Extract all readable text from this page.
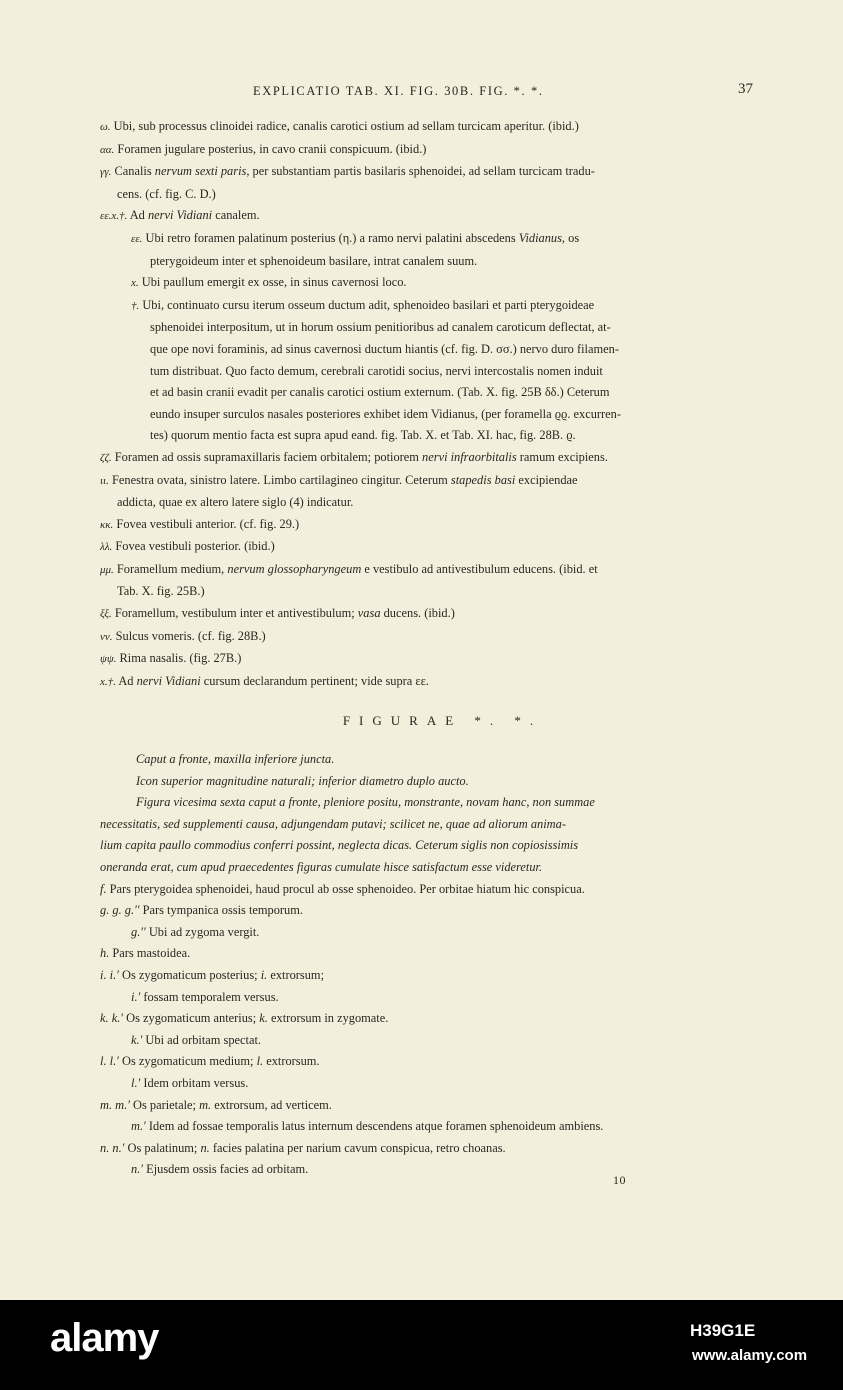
EXPLICATIO TAB. XI. FIG. 30B. FIG. *. *.	37
ω. Ubi, sub processus clinoidei radice, canalis carotici ostium ad sellam turcicam aperitur. (ibid.)
αα. Foramen jugulare posterius, in cavo cranii conspicuum. (ibid.)
γγ. Canalis nervum sexti paris, per substantiam partis basilaris sphenoidei, ad sellam turcicam tradu-
cens. (cf. fig. C. D.)
εε.x.†. Ad nervi Vidiani canalem.
εε. Ubi retro foramen palatinum posterius (η.) a ramo nervi palatini abscedens Vidianus, os
pterygoideum inter et sphenoideum basilare, intrat canalem suum.
x. Ubi paullum emergit ex osse, in sinus cavernosi loco.
†. Ubi, continuato cursu iterum osseum ductum adit, sphenoideo basilari et parti pterygoideae
sphenoidei interpositum, ut in horum ossium penitioribus ad canalem caroticum deflectat, at-
que ope novi foraminis, ad sinus cavernosi ductum hiantis (cf. fig. D. σσ.) nervo duro filamen-
tum distribuat. Quo facto demum, cerebrali carotidi socius, nervi intercostalis nomen induit
et ad basin cranii evadit per canalis carotici ostium externum. (Tab. X. fig. 25B δδ.) Ceterum
eundo insuper surculos nasales posteriores exhibet idem Vidianus, (per foramella ϱϱ. excurren-
tes) quorum mentio facta est supra apud eand. fig. Tab. X. et Tab. XI. hac, fig. 28B. ϱ.
ζζ. Foramen ad ossis supramaxillaris faciem orbitalem; potiorem nervi infraorbitalis ramum excipiens.
ιι. Fenestra ovata, sinistro latere. Limbo cartilagineo cingitur. Ceterum stapedis basi excipiendae
addicta, quae ex altero latere siglo (4) indicatur.
κκ. Fovea vestibuli anterior. (cf. fig. 29.)
λλ. Fovea vestibuli posterior. (ibid.)
μμ. Foramellum medium, nervum glossopharyngeum e vestibulo ad antivestibulum educens. (ibid. et
Tab. X. fig. 25B.)
ξξ. Foramellum, vestibulum inter et antivestibulum; vasa ducens. (ibid.)
νν. Sulcus vomeris. (cf. fig. 28B.)
ψψ. Rima nasalis. (fig. 27B.)
x.†. Ad nervi Vidiani cursum declarandum pertinent; vide supra εε.
FIGURAE *. *.
Caput a fronte, maxilla inferiore juncta.
Icon superior magnitudine naturali; inferior diametro duplo aucto.
Figura vicesima sexta caput a fronte, pleniore positu, monstrante, novam hanc, non summae
necessitatis, sed supplementi causa, adjungendam putavi; scilicet ne, quae ad aliorum anima-
lium capita paullo commodius conferri possint, neglecta dicas. Ceterum siglis non copiosissimis
oneranda erat, cum apud praecedentes figuras cumulate hisce satisfactum esse videretur.
f. Pars pterygoidea sphenoidei, haud procul ab osse sphenoideo. Per orbitae hiatum hic conspicua.
g. g. g.′′ Pars tympanica ossis temporum.
g.′′ Ubi ad zygoma vergit.
h. Pars mastoidea.
i. i.′ Os zygomaticum posterius; i. extrorsum;
i.′ fossam temporalem versus.
k. k.′ Os zygomaticum anterius; k. extrorsum in zygomate.
k.′ Ubi ad orbitam spectat.
l. l.′ Os zygomaticum medium; l. extrorsum.
l.′ Idem orbitam versus.
m. m.′ Os parietale; m. extrorsum, ad verticem.
m.′ Idem ad fossae temporalis latus internum descendens atque foramen sphenoideum ambiens.
n. n.′ Os palatinum; n. facies palatina per narium cavum conspicua, retro choanas.
n.′ Ejusdem ossis facies ad orbitam.
10
alamy	H39G1E
www.alamy.com
